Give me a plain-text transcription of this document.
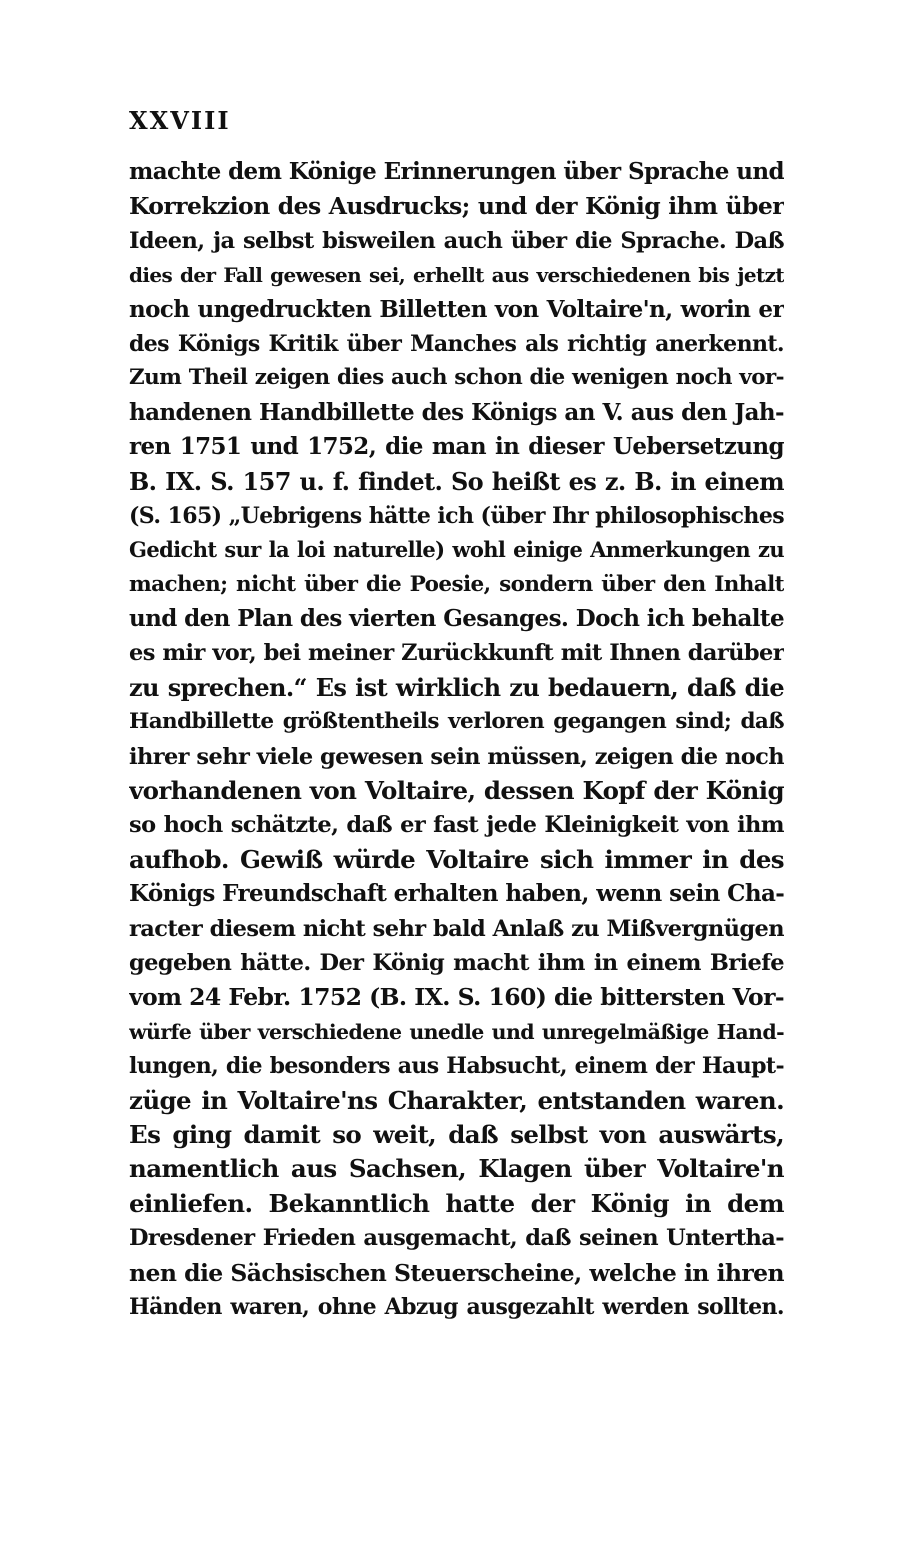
XXVIII
machte dem Könige Erinnerungen über Sprache und
Korrekzion des Ausdrucks; und der König ihm über
Ideen, ja selbst bisweilen auch über die Sprache. Daß
dies der Fall gewesen sei, erhellt aus verschiedenen bis jetzt
noch ungedruckten Billetten von Voltaire'n, worin er
des Königs Kritik über Manches als richtig anerkennt.
Zum Theil zeigen dies auch schon die wenigen noch vor-
handenen Handbillette des Königs an V. aus den Jah-
ren 1751 und 1752, die man in dieser Uebersetzung
B. IX. S. 157 u. f. findet. So heißt es z. B. in einem
(S. 165) „Uebrigens hätte ich (über Ihr philosophisches
Gedicht sur la loi naturelle) wohl einige Anmerkungen zu
machen; nicht über die Poesie, sondern über den Inhalt
und den Plan des vierten Gesanges. Doch ich behalte
es mir vor, bei meiner Zurückkunft mit Ihnen darüber
zu sprechen.“ Es ist wirklich zu bedauern, daß die
Handbillette größtentheils verloren gegangen sind; daß
ihrer sehr viele gewesen sein müssen, zeigen die noch
vorhandenen von Voltaire, dessen Kopf der König
so hoch schätzte, daß er fast jede Kleinigkeit von ihm
aufhob. Gewiß würde Voltaire sich immer in des
Königs Freundschaft erhalten haben, wenn sein Cha-
racter diesem nicht sehr bald Anlaß zu Mißvergnügen
gegeben hätte. Der König macht ihm in einem Briefe
vom 24 Febr. 1752 (B. IX. S. 160) die bittersten Vor-
würfe über verschiedene unedle und unregelmäßige Hand-
lungen, die besonders aus Habsucht, einem der Haupt-
züge in Voltaire'ns Charakter, entstanden waren.
Es ging damit so weit, daß selbst von auswärts,
namentlich aus Sachsen, Klagen über Voltaire'n
einliefen. Bekanntlich hatte der König in dem
Dresdener Frieden ausgemacht, daß seinen Untertha-
nen die Sächsischen Steuerscheine, welche in ihren
Händen waren, ohne Abzug ausgezahlt werden sollten.
